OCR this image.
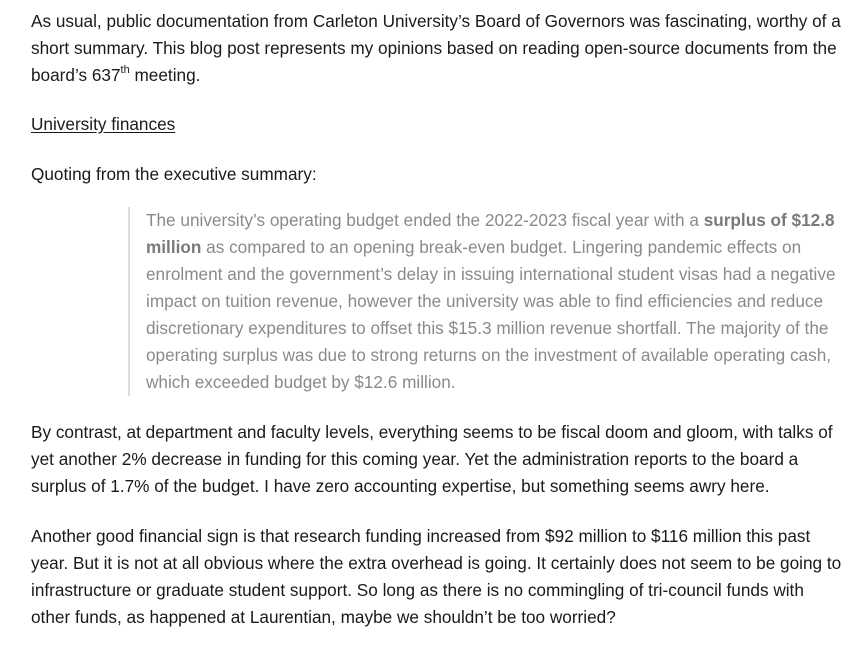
As usual, public documentation from Carleton University’s Board of Governors was fascinating, worthy of a short summary. This blog post represents my opinions based on reading open-source documents from the board’s 637th meeting.

University finances

Quoting from the executive summary:

The university’s operating budget ended the 2022-2023 fiscal year with a surplus of $12.8 million as compared to an opening break-even budget. Lingering pandemic effects on enrolment and the government’s delay in issuing international student visas had a negative impact on tuition revenue, however the university was able to find efficiencies and reduce discretionary expenditures to offset this $15.3 million revenue shortfall. The majority of the operating surplus was due to strong returns on the investment of available operating cash, which exceeded budget by $12.6 million.

By contrast, at department and faculty levels, everything seems to be fiscal doom and gloom, with talks of yet another 2% decrease in funding for this coming year. Yet the administration reports to the board a surplus of 1.7% of the budget. I have zero accounting expertise, but something seems awry here.

Another good financial sign is that research funding increased from $92 million to $116 million this past year. But it is not at all obvious where the extra overhead is going. It certainly does not seem to be going to infrastructure or graduate student support. So long as there is no commingling of tri-council funds with other funds, as happened at Laurentian, maybe we shouldn’t be too worried?
